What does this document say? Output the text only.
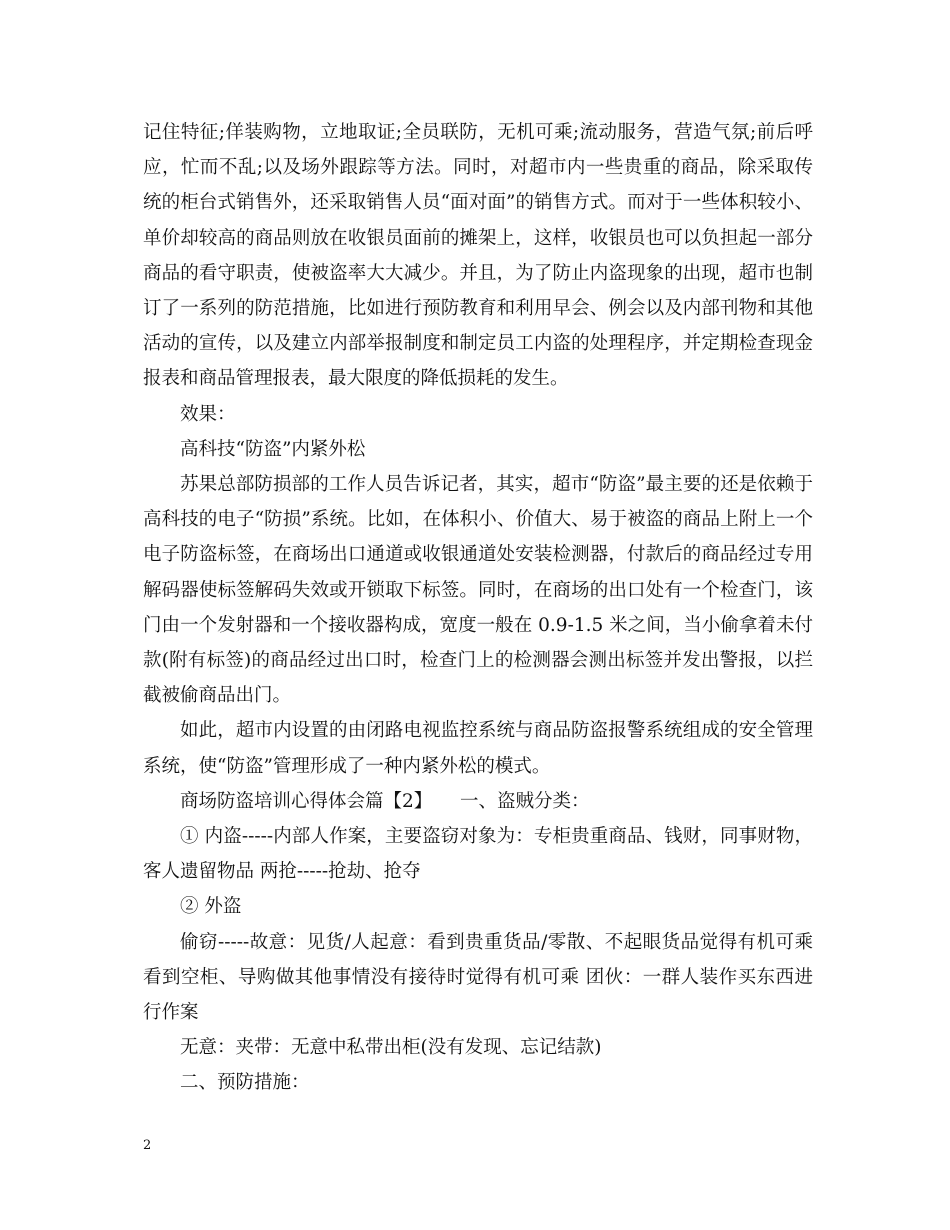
记住特征;佯装购物，立地取证;全员联防，无机可乘;流动服务，营造气氛;前后呼应，忙而不乱;以及场外跟踪等方法。同时，对超市内一些贵重的商品，除采取传统的柜台式销售外，还采取销售人员“面对面”的销售方式。而对于一些体积较小、单价却较高的商品则放在收银员面前的摊架上，这样，收银员也可以负担起一部分商品的看守职责，使被盗率大大减少。并且，为了防止内盗现象的出现，超市也制订了一系列的防范措施，比如进行预防教育和利用早会、例会以及内部刊物和其他活动的宣传，以及建立内部举报制度和制定员工内盗的处理程序，并定期检查现金报表和商品管理报表，最大限度的降低损耗的发生。

效果：

高科技“防盗”内紧外松

苏果总部防损部的工作人员告诉记者，其实，超市“防盗”最主要的还是依赖于高科技的电子“防损”系统。比如，在体积小、价值大、易于被盗的商品上附上一个电子防盗标签，在商场出口通道或收银通道处安装检测器，付款后的商品经过专用解码器使标签解码失效或开锁取下标签。同时，在商场的出口处有一个检查门，该门由一个发射器和一个接收器构成，宽度一般在 0.9-1.5 米之间，当小偷拿着未付款(附有标签)的商品经过出口时，检查门上的检测器会测出标签并发出警报，以拦截被偷商品出门。

如此，超市内设置的由闭路电视监控系统与商品防盗报警系统组成的安全管理系统，使“防盗”管理形成了一种内紧外松的模式。

商场防盗培训心得体会篇【2】　　一、盗贼分类：

① 内盗-----内部人作案，主要盗窃对象为：专柜贵重商品、钱财，同事财物，客人遗留物品 两抢-----抢劫、抢夺

② 外盗

偷窃-----故意：见货/人起意：看到贵重货品/零散、不起眼货品觉得有机可乘 看到空柜、导购做其他事情没有接待时觉得有机可乘 团伙：一群人装作买东西进行作案

无意：夹带：无意中私带出柜(没有发现、忘记结款)

二、预防措施：

2
